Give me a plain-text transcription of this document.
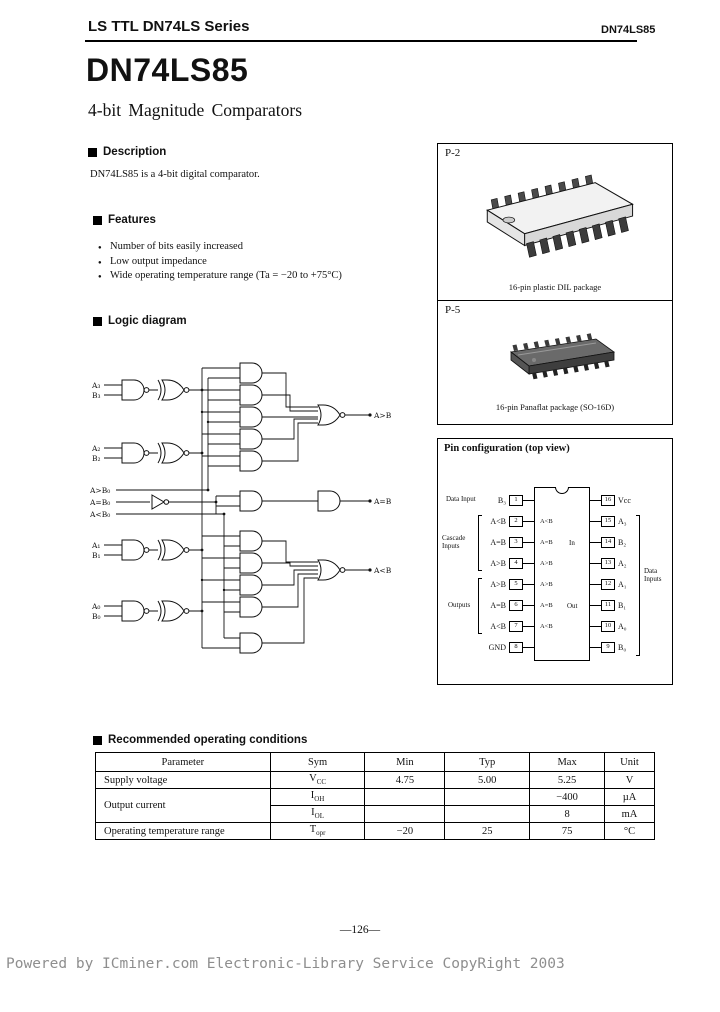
LS TTL DN74LS Series	DN74LS85
DN74LS85
4-bit Magnitude Comparators
Description
DN74LS85 is a 4-bit digital comparator.
Features
● Number of bits easily increased
● Low output impedance
● Wide operating temperature range (Ta = −20 to +75°C)
Logic diagram
A₃
B₃
A₂
B₂
A₁
B₁
A₀
B₀
A>B₀
A=B₀
A<B₀
A>B
A=B
A<B
P-2
16-pin plastic DIL package
P-5
16-pin Panaflat package (SO-16D)
Pin configuration (top view)
B₃ 1
A<B 2
A=B 3
A>B 4
A>B 5
A=B 6
A<B 7
GND 8
16 Vcc
15 A₃
14 B₂
13 A₂
12 A₁
11 B₁
10 A₀
9 B₀
A<B
A=B
A>B
A>B
A=B
A<B
In
Out
Data Input
Cascade Inputs
Outputs
Data Inputs
Recommended operating conditions
Parameter	Sym	Min	Typ	Max	Unit
Supply voltage	$V_{CC}$	4.75	5.00	5.25	V
Output current	$I_{OH}$			−400	µA
	$I_{OL}$			8	mA
Operating temperature range	$T_{opr}$	−20	25	75	°C
—126—
Powered by ICminer.com Electronic-Library Service CopyRight 2003
